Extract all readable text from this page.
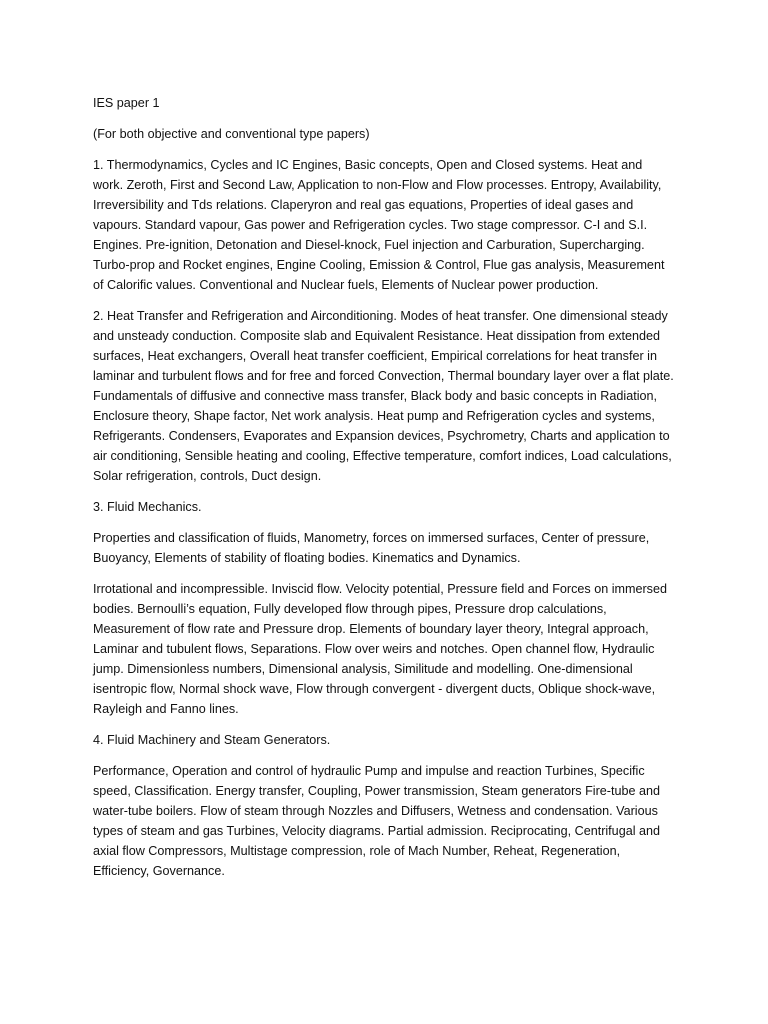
IES paper 1

(For both objective and conventional type papers)

1. Thermodynamics, Cycles and IC Engines, Basic concepts, Open and Closed systems. Heat and work. Zeroth, First and Second Law, Application to non-Flow and Flow processes. Entropy, Availability, Irreversibility and Tds relations. Claperyron and real gas equations, Properties of ideal gases and vapours. Standard vapour, Gas power and Refrigeration cycles. Two stage compressor. C-I and S.I. Engines. Pre-ignition, Detonation and Diesel-knock, Fuel injection and Carburation, Supercharging. Turbo-prop and Rocket engines, Engine Cooling, Emission & Control, Flue gas analysis, Measurement of Calorific values. Conventional and Nuclear fuels, Elements of Nuclear power production.

2. Heat Transfer and Refrigeration and Airconditioning. Modes of heat transfer. One dimensional steady and unsteady conduction. Composite slab and Equivalent Resistance. Heat dissipation from extended surfaces, Heat exchangers, Overall heat transfer coefficient, Empirical correlations for heat transfer in laminar and turbulent flows and for free and forced Convection, Thermal boundary layer over a flat plate. Fundamentals of diffusive and connective mass transfer, Black body and basic concepts in Radiation, Enclosure theory, Shape factor, Net work analysis. Heat pump and Refrigeration cycles and systems, Refrigerants. Condensers, Evaporates and Expansion devices, Psychrometry, Charts and application to air conditioning, Sensible heating and cooling, Effective temperature, comfort indices, Load calculations, Solar refrigeration, controls, Duct design.

3. Fluid Mechanics.

Properties and classification of fluids, Manometry, forces on immersed surfaces, Center of pressure, Buoyancy, Elements of stability of floating bodies. Kinematics and Dynamics.

Irrotational and incompressible. Inviscid flow. Velocity potential, Pressure field and Forces on immersed bodies. Bernoulli’s equation, Fully developed flow through pipes, Pressure drop calculations, Measurement of flow rate and Pressure drop. Elements of boundary layer theory, Integral approach, Laminar and tubulent flows, Separations. Flow over weirs and notches. Open channel flow, Hydraulic jump. Dimensionless numbers, Dimensional analysis, Similitude and modelling. One-dimensional isentropic flow, Normal shock wave, Flow through convergent - divergent ducts, Oblique shock-wave, Rayleigh and Fanno lines.

4. Fluid Machinery and Steam Generators.

Performance, Operation and control of hydraulic Pump and impulse and reaction Turbines, Specific speed, Classification. Energy transfer, Coupling, Power transmission, Steam generators Fire-tube and water-tube boilers. Flow of steam through Nozzles and Diffusers, Wetness and condensation. Various types of steam and gas Turbines, Velocity diagrams. Partial admission. Reciprocating, Centrifugal and axial flow Compressors, Multistage compression, role of Mach Number, Reheat, Regeneration, Efficiency, Governance.
